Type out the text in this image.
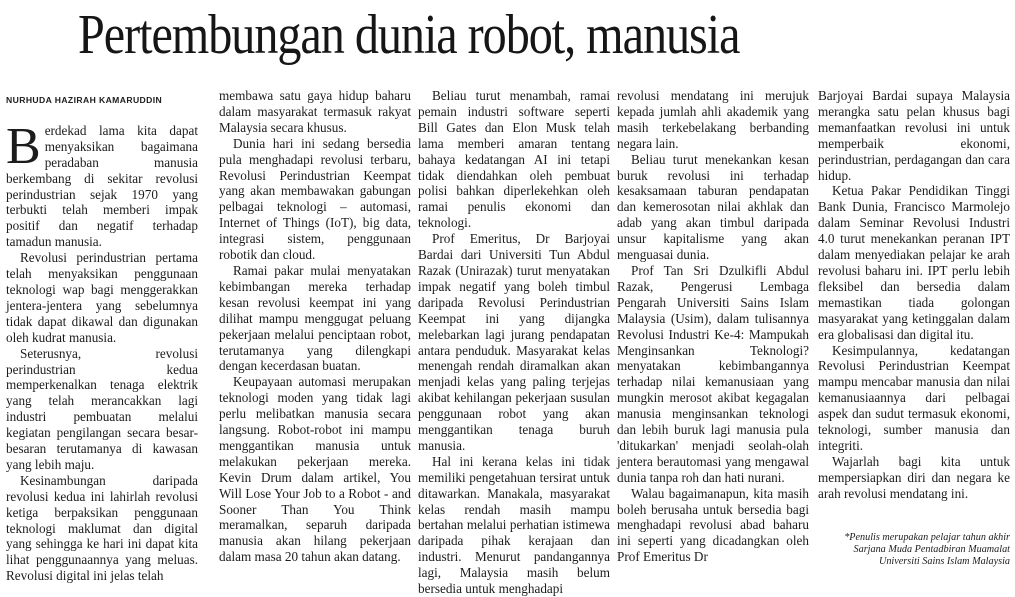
Pertembungan dunia robot, manusia
NURHUDA HAZIRAH KAMARUDDIN

Berdekad lama kita dapat menyaksikan bagaimana peradaban manusia berkembang di sekitar revolusi perindustrian sejak 1970 yang terbukti telah memberi impak positif dan negatif terhadap tamadun manusia.

Revolusi perindustrian pertama telah menyaksikan penggunaan teknologi wap bagi menggerakkan jentera-jentera yang sebelumnya tidak dapat dikawal dan digunakan oleh kudrat manusia.

Seterusnya, revolusi perindustrian kedua memperkenalkan tenaga elektrik yang telah merancakkan lagi industri pembuatan melalui kegiatan pengilangan secara besar-besaran terutamanya di kawasan yang lebih maju.

Kesinambungan daripada revolusi kedua ini lahirlah revolusi ketiga berpaksikan penggunaan teknologi maklumat dan digital yang sehingga ke hari ini dapat kita lihat penggunaannya yang meluas. Revolusi digital ini jelas telah

membawa satu gaya hidup baharu dalam masyarakat termasuk rakyat Malaysia secara khusus.

Dunia hari ini sedang bersedia pula menghadapi revolusi terbaru, Revolusi Perindustrian Keempat yang akan membawakan gabungan pelbagai teknologi – automasi, Internet of Things (IoT), big data, integrasi sistem, penggunaan robotik dan cloud.

Ramai pakar mulai menyatakan kebimbangan mereka terhadap kesan revolusi keempat ini yang dilihat mampu menggugat peluang pekerjaan melalui penciptaan robot, terutamanya yang dilengkapi dengan kecerdasan buatan.

Keupayaan automasi merupakan teknologi moden yang tidak lagi perlu melibatkan manusia secara langsung. Robot-robot ini mampu menggantikan manusia untuk melakukan pekerjaan mereka. Kevin Drum dalam artikel, You Will Lose Your Job to a Robot - and Sooner Than You Think meramalkan, separuh daripada manusia akan hilang pekerjaan dalam masa 20 tahun akan datang.

Beliau turut menambah, ramai pemain industri software seperti Bill Gates dan Elon Musk telah lama memberi amaran tentang bahaya kedatangan AI ini tetapi tidak diendahkan oleh pembuat polisi bahkan diperlekehkan oleh ramai penulis ekonomi dan teknologi.

Prof Emeritus, Dr Barjoyai Bardai dari Universiti Tun Abdul Razak (Unirazak) turut menyatakan impak negatif yang boleh timbul daripada Revolusi Perindustrian Keempat ini yang dijangka melebarkan lagi jurang pendapatan antara penduduk. Masyarakat kelas menengah rendah diramalkan akan menjadi kelas yang paling terjejas akibat kehilangan pekerjaan susulan penggunaan robot yang akan menggantikan tenaga buruh manusia.

Hal ini kerana kelas ini tidak memiliki pengetahuan tersirat untuk ditawarkan. Manakala, masyarakat kelas rendah masih mampu bertahan melalui perhatian istimewa daripada pihak kerajaan dan industri. Menurut pandangannya lagi, Malaysia masih belum bersedia untuk menghadapi

revolusi mendatang ini merujuk kepada jumlah ahli akademik yang masih terkebelakang berbanding negara lain.

Beliau turut menekankan kesan buruk revolusi ini terhadap kesaksamaan taburan pendapatan dan kemerosotan nilai akhlak dan adab yang akan timbul daripada unsur kapitalisme yang akan menguasai dunia.

Prof Tan Sri Dzulkifli Abdul Razak, Pengerusi Lembaga Pengarah Universiti Sains Islam Malaysia (Usim), dalam tulisannya Revolusi Industri Ke-4: Mampukah Menginsankan Teknologi? menyatakan kebimbangannya terhadap nilai kemanusiaan yang mungkin merosot akibat kegagalan manusia menginsankan teknologi dan lebih buruk lagi manusia pula 'ditukarkan' menjadi seolah-olah jentera berautomasi yang mengawal dunia tanpa roh dan hati nurani.

Walau bagaimanapun, kita masih boleh berusaha untuk bersedia bagi menghadapi revolusi abad baharu ini seperti yang dicadangkan oleh Prof Emeritus Dr

Barjoyai Bardai supaya Malaysia merangka satu pelan khusus bagi memanfaatkan revolusi ini untuk memperbaik ekonomi, perindustrian, perdagangan dan cara hidup.

Ketua Pakar Pendidikan Tinggi Bank Dunia, Francisco Marmolejo dalam Seminar Revolusi Industri 4.0 turut menekankan peranan IPT dalam menyediakan pelajar ke arah revolusi baharu ini. IPT perlu lebih fleksibel dan bersedia dalam memastikan tiada golongan masyarakat yang ketinggalan dalam era globalisasi dan digital itu.

Kesimpulannya, kedatangan Revolusi Perindustrian Keempat mampu mencabar manusia dan nilai kemanusiaannya dari pelbagai aspek dan sudut termasuk ekonomi, teknologi, sumber manusia dan integriti.

Wajarlah bagi kita untuk mempersiapkan diri dan negara ke arah revolusi mendatang ini.

*Penulis merupakan pelajar tahun akhir

Sarjana Muda Pentadbiran Muamalat

Universiti Sains Islam Malaysia
